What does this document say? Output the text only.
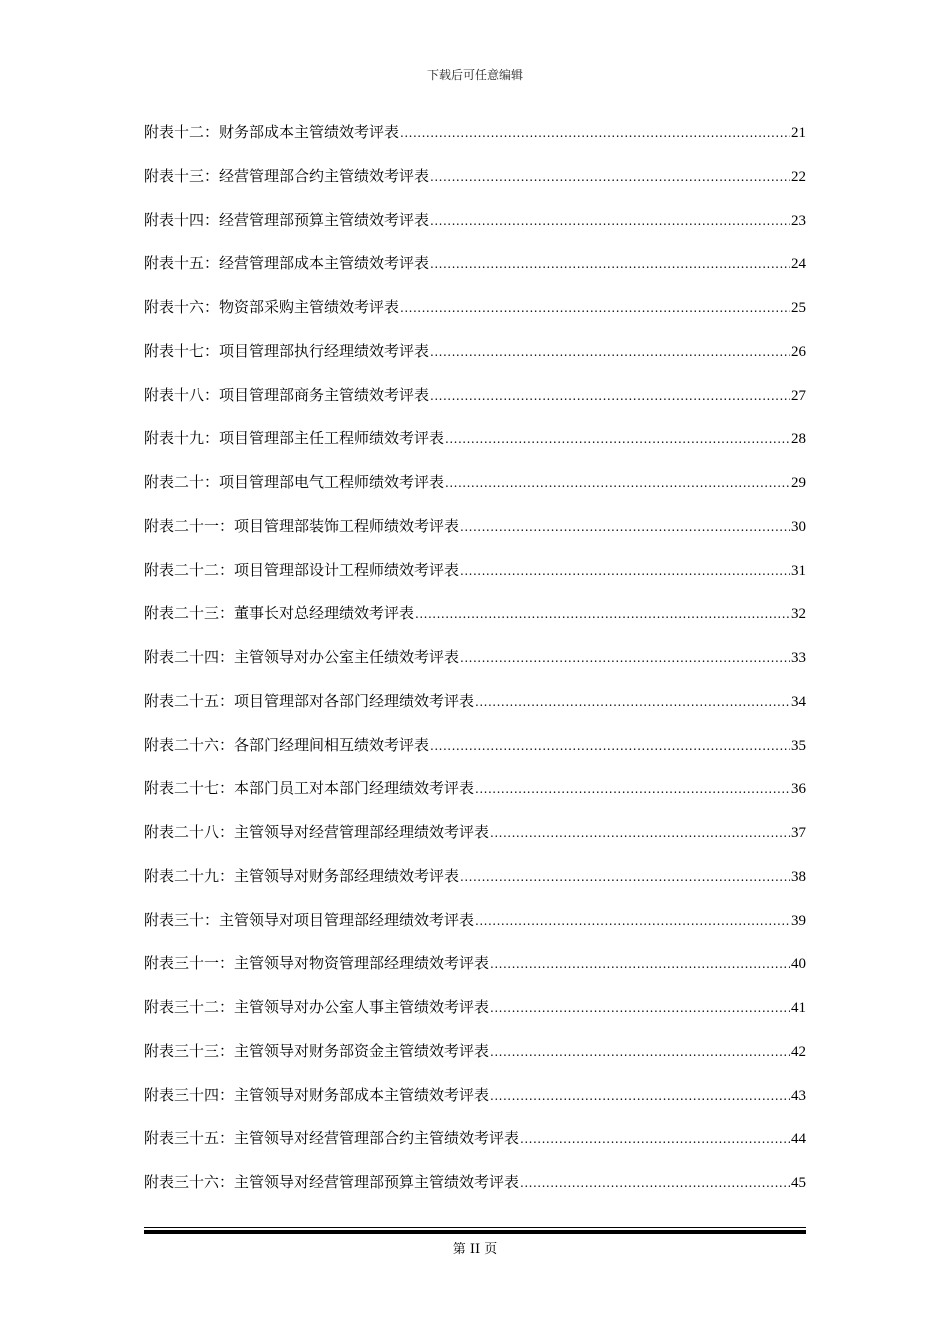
下载后可任意编辑
附表十二：财务部成本主管绩效考评表 .....	21
附表十三：经营管理部合约主管绩效考评表 .....	22
附表十四：经营管理部预算主管绩效考评表 .....	23
附表十五：经营管理部成本主管绩效考评表 .....	24
附表十六：物资部采购主管绩效考评表 .....	25
附表十七：项目管理部执行经理绩效考评表 .....	26
附表十八：项目管理部商务主管绩效考评表 .....	27
附表十九：项目管理部主任工程师绩效考评表 .....	28
附表二十：项目管理部电气工程师绩效考评表 .....	29
附表二十一：项目管理部装饰工程师绩效考评表 .....	30
附表二十二：项目管理部设计工程师绩效考评表 .....	31
附表二十三：董事长对总经理绩效考评表 .....	32
附表二十四：主管领导对办公室主任绩效考评表 .....	33
附表二十五：项目管理部对各部门经理绩效考评表 .....	34
附表二十六：各部门经理间相互绩效考评表 .....	35
附表二十七：本部门员工对本部门经理绩效考评表 .....	36
附表二十八：主管领导对经营管理部经理绩效考评表 .....	37
附表二十九：主管领导对财务部经理绩效考评表 .....	38
附表三十：主管领导对项目管理部经理绩效考评表 .....	39
附表三十一：主管领导对物资管理部经理绩效考评表 .....	40
附表三十二：主管领导对办公室人事主管绩效考评表 .....	41
附表三十三：主管领导对财务部资金主管绩效考评表 .....	42
附表三十四：主管领导对财务部成本主管绩效考评表 .....	43
附表三十五：主管领导对经营管理部合约主管绩效考评表 .....	44
附表三十六：主管领导对经营管理部预算主管绩效考评表 .....	45
第 II 页
